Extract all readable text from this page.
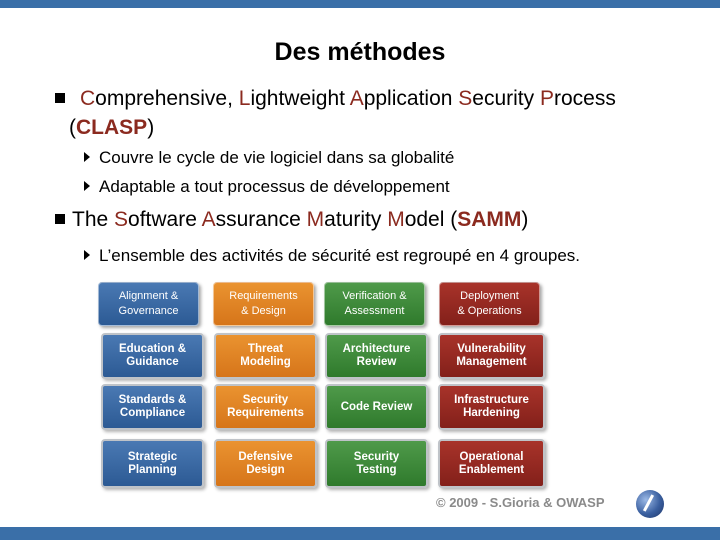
Des méthodes
Comprehensive, Lightweight Application Security Process
(CLASP)
Couvre le cycle de vie logiciel dans sa globalité
Adaptable a tout processus de développement
The Software Assurance Maturity Model (SAMM)
L’ensemble des activités de sécurité est regroupé en 4 groupes.
Alignment &
Governance
Requirements
& Design
Verification &
Assessment
Deployment
& Operations
Education &
Guidance
Threat
Modeling
Architecture
Review
Vulnerability
Management
Standards &
Compliance
Security
Requirements
Code Review
Infrastructure
Hardening
Strategic
Planning
Defensive
Design
Security
Testing
Operational
Enablement
© 2009 - S.Gioria & OWASP
